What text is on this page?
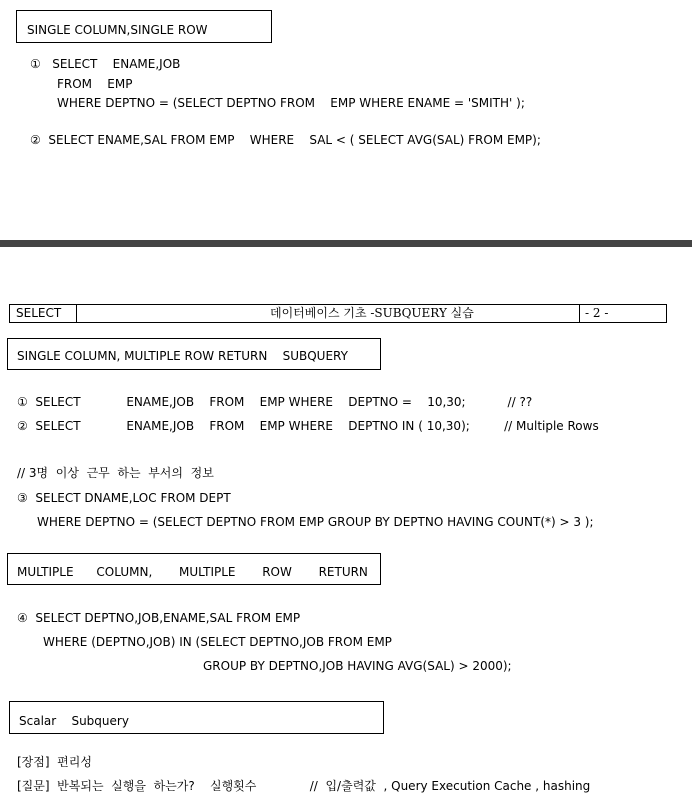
SINGLE COLUMN,SINGLE ROW
①   SELECT    ENAME,JOB
FROM    EMP
WHERE DEPTNO = (SELECT DEPTNO FROM    EMP WHERE ENAME = 'SMITH' );
②  SELECT ENAME,SAL FROM EMP    WHERE    SAL < ( SELECT AVG(SAL) FROM EMP);
SELECT	데이터베이스 기초 -SUBQUERY 실습	- 2 -
SINGLE COLUMN, MULTIPLE ROW RETURN    SUBQUERY
①  SELECT            ENAME,JOB    FROM    EMP WHERE    DEPTNO =    10,30;           // ??
②  SELECT            ENAME,JOB    FROM    EMP WHERE    DEPTNO IN ( 10,30);         // Multiple Rows
// 3명  이상  근무  하는  부서의  정보
③  SELECT DNAME,LOC FROM DEPT
WHERE DEPTNO = (SELECT DEPTNO FROM EMP GROUP BY DEPTNO HAVING COUNT(*) > 3 );
MULTIPLE      COLUMN,       MULTIPLE       ROW       RETURN
④  SELECT DEPTNO,JOB,ENAME,SAL FROM EMP
WHERE (DEPTNO,JOB) IN (SELECT DEPTNO,JOB FROM EMP
GROUP BY DEPTNO,JOB HAVING AVG(SAL) > 2000);
Scalar    Subquery
[장점]  편리성
[질문]  반복되는  실행을  하는가?    실행횟수              //  입/출력값  , Query Execution Cache , hashing
